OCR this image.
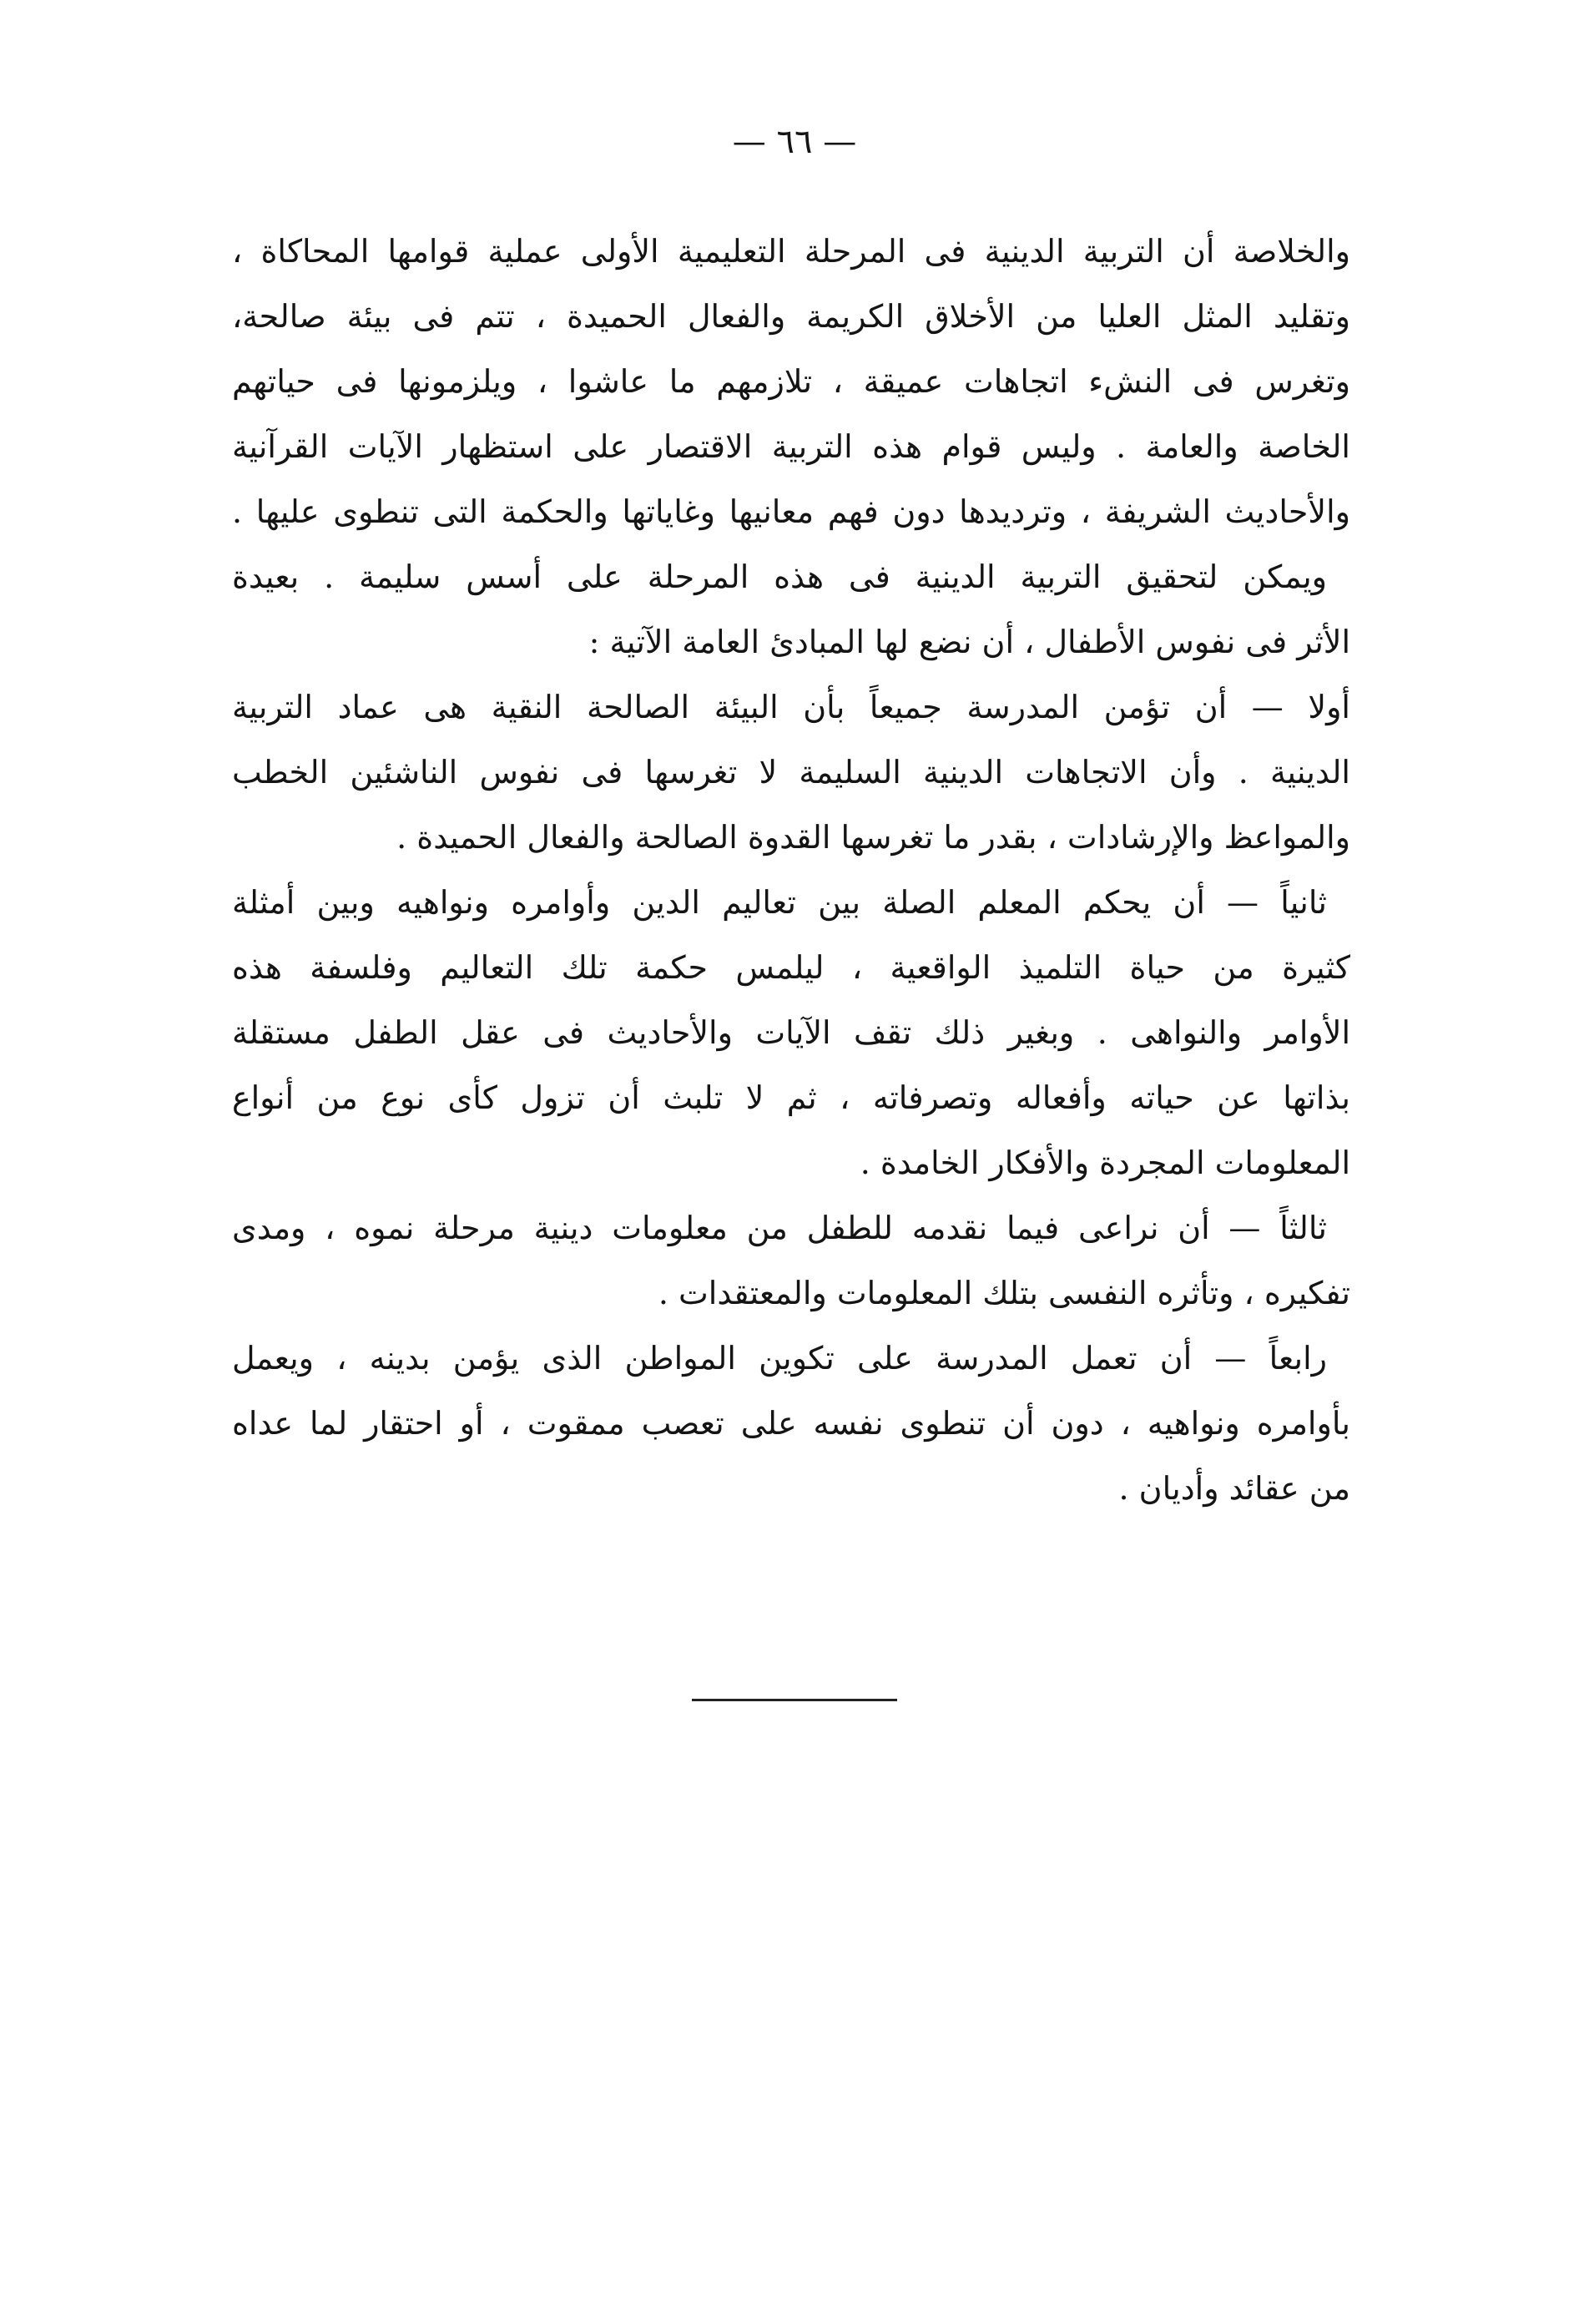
— ٦٦ —
والخلاصة أن التربية الدينية فى المرحلة التعليمية الأولى عملية قوامها المحاكاة ،
وتقليد المثل العليا من الأخلاق الكريمة والفعال الحميدة ، تتم فى بيئة صالحة،
وتغرس فى النشء اتجاهات عميقة ، تلازمهم ما عاشوا ، ويلزمونها فى حياتهم
الخاصة والعامة . وليس قوام هذه التربية الاقتصار على استظهار الآيات القرآنية
والأحاديث الشريفة ، وترديدها دون فهم معانيها وغاياتها والحكمة التى تنطوى عليها .
ويمكن لتحقيق التربية الدينية فى هذه المرحلة على أسس سليمة . بعيدة
الأثر فى نفوس الأطفال ، أن نضع لها المبادئ العامة الآتية :
أولا — أن تؤمن المدرسة جميعاً بأن البيئة الصالحة النقية هى عماد التربية
الدينية . وأن الاتجاهات الدينية السليمة لا تغرسها فى نفوس الناشئين الخطب
والمواعظ والإرشادات ، بقدر ما تغرسها القدوة الصالحة والفعال الحميدة .
ثانياً — أن يحكم المعلم الصلة بين تعاليم الدين وأوامره ونواهيه وبين أمثلة
كثيرة من حياة التلميذ الواقعية ، ليلمس حكمة تلك التعاليم وفلسفة هذه
الأوامر والنواهى . وبغير ذلك تقف الآيات والأحاديث فى عقل الطفل مستقلة
بذاتها عن حياته وأفعاله وتصرفاته ، ثم لا تلبث أن تزول كأى نوع من أنواع
المعلومات المجردة والأفكار الخامدة .
ثالثاً — أن نراعى فيما نقدمه للطفل من معلومات دينية مرحلة نموه ، ومدى
تفكيره ، وتأثره النفسى بتلك المعلومات والمعتقدات .
رابعاً — أن تعمل المدرسة على تكوين المواطن الذى يؤمن بدينه ، ويعمل
بأوامره ونواهيه ، دون أن تنطوى نفسه على تعصب ممقوت ، أو احتقار لما عداه
من عقائد وأديان .
